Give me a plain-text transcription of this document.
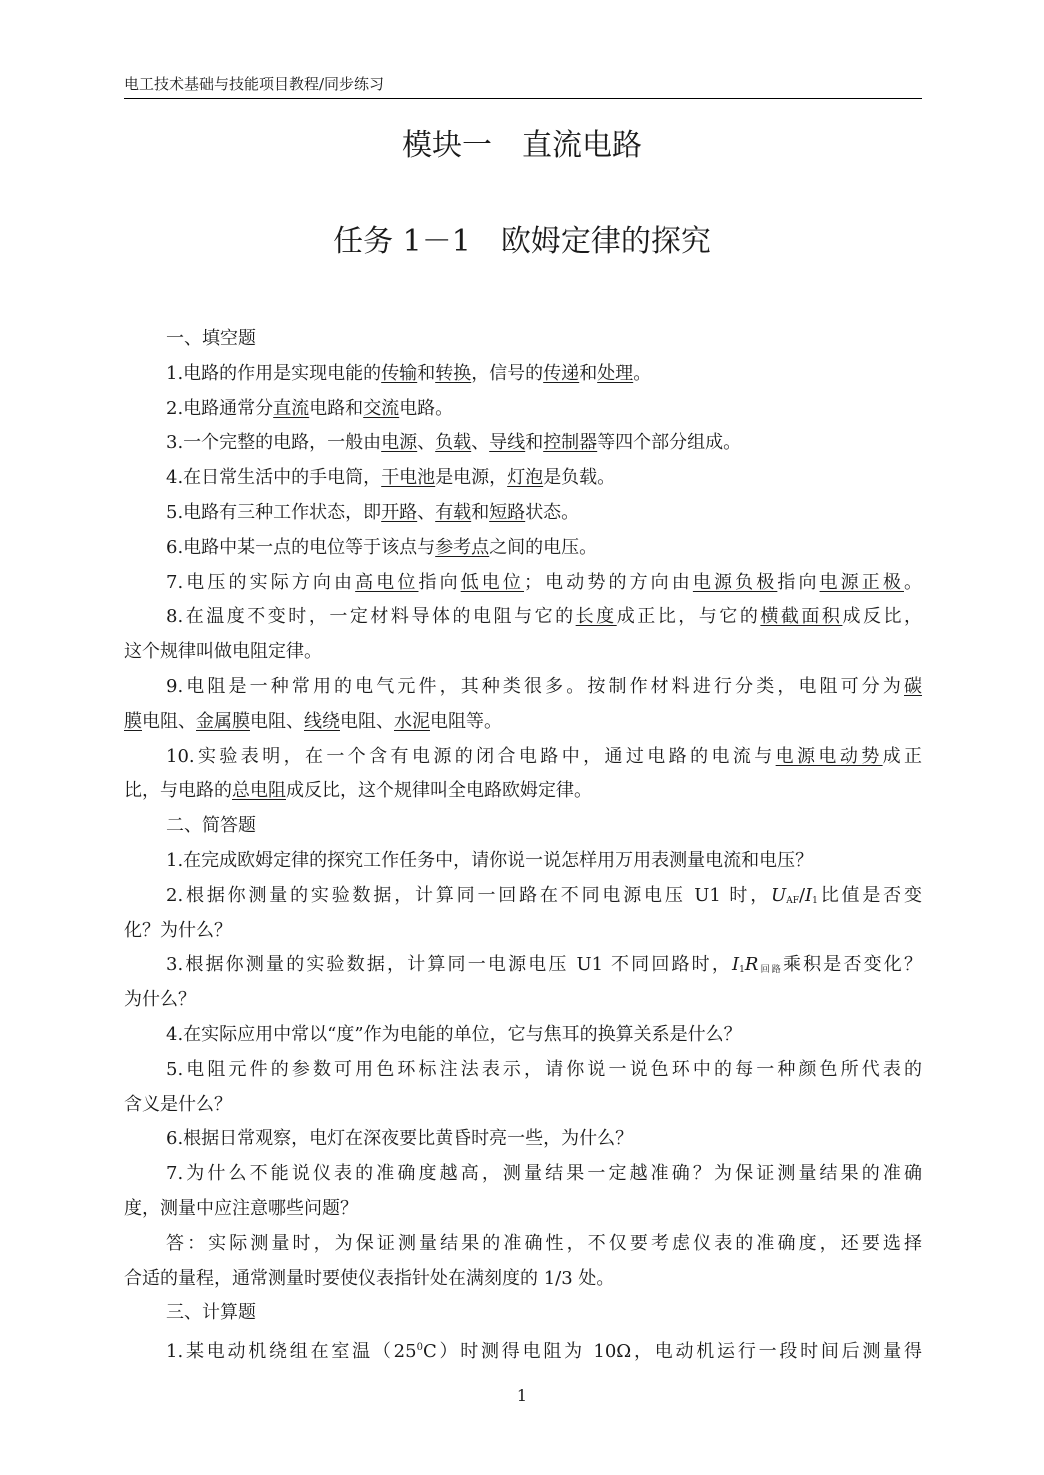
电工技术基础与技能项目教程/同步练习
模块一　直流电路
任务 1－1　欧姆定律的探究
一、填空题
1.电路的作用是实现电能的传输和转换，信号的传递和处理。
2.电路通常分直流电路和交流电路。
3.一个完整的电路，一般由电源、负载、导线和控制器等四个部分组成。
4.在日常生活中的手电筒，干电池是电源，灯泡是负载。
5.电路有三种工作状态，即开路、有载和短路状态。
6.电路中某一点的电位等于该点与参考点之间的电压。
7.电压的实际方向由高电位指向低电位；电动势的方向由电源负极指向电源正极。
8.在温度不变时，一定材料导体的电阻与它的长度成正比，与它的横截面积成反比，
这个规律叫做电阻定律。
9.电阻是一种常用的电气元件，其种类很多。按制作材料进行分类，电阻可分为碳
膜电阻、金属膜电阻、线绕电阻、水泥电阻等。
10.实验表明，在一个含有电源的闭合电路中，通过电路的电流与电源电动势成正
比，与电路的总电阻成反比，这个规律叫全电路欧姆定律。
二、简答题
1.在完成欧姆定律的探究工作任务中，请你说一说怎样用万用表测量电流和电压？
2.根据你测量的实验数据，计算同一回路在不同电源电压 U1 时，$U_{AF}/I_1$比值是否变
化？为什么？
3.根据你测量的实验数据，计算同一电源电压 U1 不同回路时，$I_1R_{回路}$乘积是否变化？
为什么？
4.在实际应用中常以“度”作为电能的单位，它与焦耳的换算关系是什么？
5.电阻元件的参数可用色环标注法表示，请你说一说色环中的每一种颜色所代表的
含义是什么？
6.根据日常观察，电灯在深夜要比黄昏时亮一些，为什么？
7.为什么不能说仪表的准确度越高，测量结果一定越准确？为保证测量结果的准确
度，测量中应注意哪些问题？
答：实际测量时，为保证测量结果的准确性，不仅要考虑仪表的准确度，还要选择
合适的量程，通常测量时要使仪表指针处在满刻度的 1/3 处。
三、计算题
1.某电动机绕组在室温$(25^0C)$时测得电阻为 10Ω，电动机运行一段时间后测量得
1
